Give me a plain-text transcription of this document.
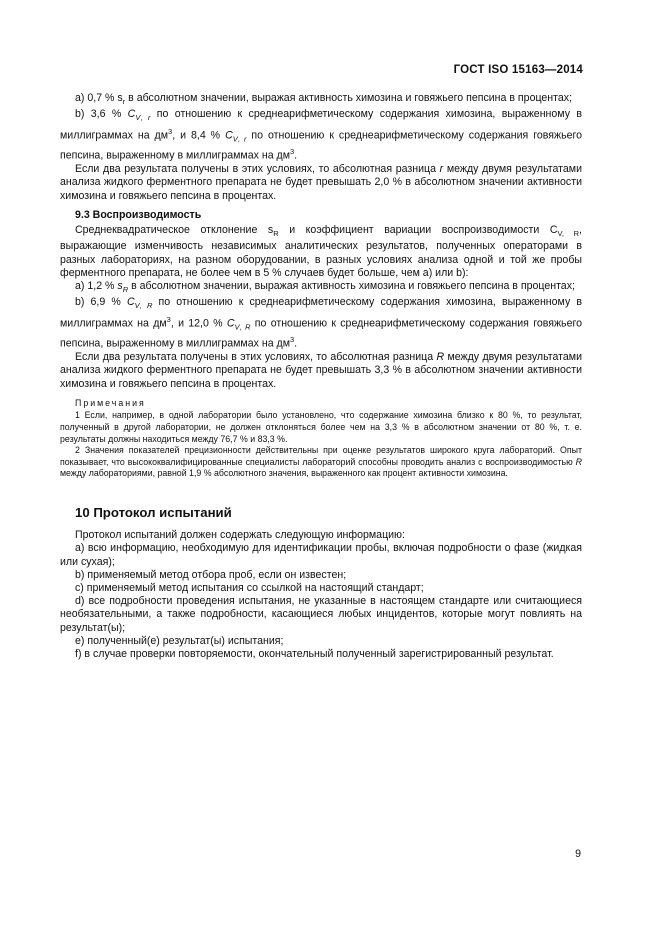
ГОСТ ISO 15163—2014

a) 0,7 % $s_r$ в абсолютном значении, выражая активность химозина и говяжьего пепсина в процентах;

b) 3,6 % $C_{V, r}$ по отношению к среднеарифметическому содержания химозина, выраженному в миллиграммах на $дм^3$, и 8,4 % $C_{V, r}$ по отношению к среднеарифметическому содержания говяжьего пепсина, выраженному в миллиграммах на $дм^3$.

Если два результата получены в этих условиях, то абсолютная разница r между двумя результатами анализа жидкого ферментного препарата не будет превышать 2,0 % в абсолютном значении активности химозина и говяжьего пепсина в процентах.

9.3 Воспроизводимость

Среднеквадратическое отклонение $s_R$ и коэффициент вариации воспроизводимости $C_{V, R}$, выражающие изменчивость независимых аналитических результатов, полученных операторами в разных лабораториях, на разном оборудовании, в разных условиях анализа одной и той же пробы ферментного препарата, не более чем в 5 % случаев будет больше, чем а) или b):

a) 1,2 % $s_R$ в абсолютном значении, выражая активность химозина и говяжьего пепсина в процентах;

b) 6,9 % $C_{V, R}$ по отношению к среднеарифметическому содержания химозина, выраженному в миллиграммах на $дм^3$, и 12,0 % $C_{V, R}$ по отношению к среднеарифметическому содержания говяжьего пепсина, выраженному в миллиграммах на $дм^3$.

Если два результата получены в этих условиях, то абсолютная разница R между двумя результатами анализа жидкого ферментного препарата не будет превышать 3,3 % в абсолютном значении активности химозина и говяжьего пепсина в процентах.

Примечания

1 Если, например, в одной лаборатории было установлено, что содержание химозина близко к 80 %, то результат, полученный в другой лаборатории, не должен отклоняться более чем на 3,3 % в абсолютном значении от 80 %, т. е. результаты должны находиться между 76,7 % и 83,3 %.

2 Значения показателей прецизионности действительны при оценке результатов широкого круга лабораторий. Опыт показывает, что высококвалифицированные специалисты лабораторий способны проводить анализ с воспроизводимостью R между лабораториями, равной 1,9 % абсолютного значения, выраженного как процент активности химозина.

10 Протокол испытаний

Протокол испытаний должен содержать следующую информацию:

a) всю информацию, необходимую для идентификации пробы, включая подробности о фазе (жидкая или сухая);

b) применяемый метод отбора проб, если он известен;

c) применяемый метод испытания со ссылкой на настоящий стандарт;

d) все подробности проведения испытания, не указанные в настоящем стандарте или считающиеся необязательными, а также подробности, касающиеся любых инцидентов, которые могут повлиять на результат(ы);

e) полученный(е) результат(ы) испытания;

f) в случае проверки повторяемости, окончательный полученный зарегистрированный результат.

9
